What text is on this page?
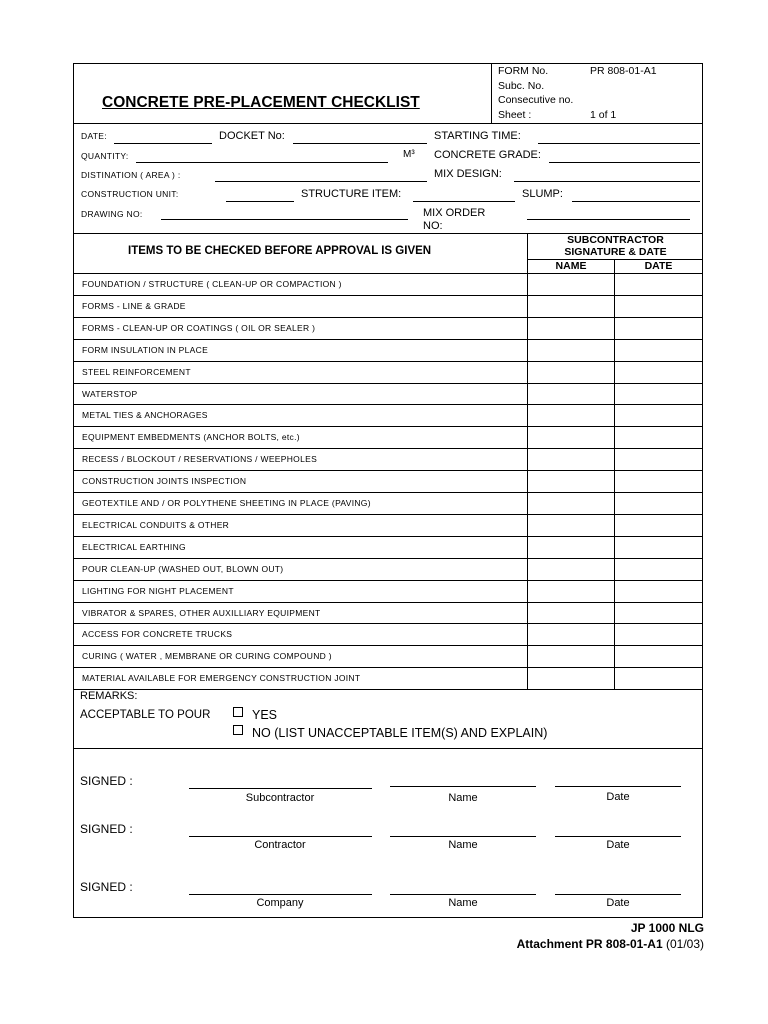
CONCRETE PRE-PLACEMENT CHECKLIST
FORM No.	PR 808-01-A1
Subc. No.
Consecutive no.
Sheet :	1 of 1
DATE:	DOCKET No:	STARTING TIME:
QUANTITY:	M³ CONCRETE GRADE:
DISTINATION ( AREA ) :	MIX DESIGN:
CONSTRUCTION UNIT:	STRUCTURE ITEM:	SLUMP:
DRAWING NO:	MIX ORDER
NO:
ITEMS TO BE CHECKED BEFORE APPROVAL IS GIVEN
SUBCONTRACTOR
SIGNATURE & DATE
NAME	DATE
FOUNDATION / STRUCTURE ( CLEAN-UP OR COMPACTION )
FORMS - LINE & GRADE
FORMS - CLEAN-UP OR COATINGS ( OIL OR SEALER )
FORM INSULATION IN PLACE
STEEL REINFORCEMENT
WATERSTOP
METAL TIES & ANCHORAGES
EQUIPMENT EMBEDMENTS (ANCHOR BOLTS, etc.)
RECESS / BLOCKOUT / RESERVATIONS / WEEPHOLES
CONSTRUCTION JOINTS INSPECTION
GEOTEXTILE AND / OR POLYTHENE SHEETING IN PLACE (PAVING)
ELECTRICAL CONDUITS & OTHER
ELECTRICAL EARTHING
POUR CLEAN-UP (WASHED OUT, BLOWN OUT)
LIGHTING FOR NIGHT PLACEMENT
VIBRATOR & SPARES, OTHER AUXILLIARY EQUIPMENT
ACCESS FOR CONCRETE TRUCKS
CURING ( WATER , MEMBRANE OR CURING COMPOUND )
MATERIAL AVAILABLE FOR EMERGENCY CONSTRUCTION JOINT
REMARKS:
ACCEPTABLE TO POUR	YES
NO (LIST UNACCEPTABLE ITEM(S) AND EXPLAIN)
SIGNED :
Subcontractor	Name	Date
SIGNED :
Contractor	Name	Date
SIGNED :
Company	Name	Date
JP 1000 NLG
Attachment PR 808-01-A1 (01/03)
